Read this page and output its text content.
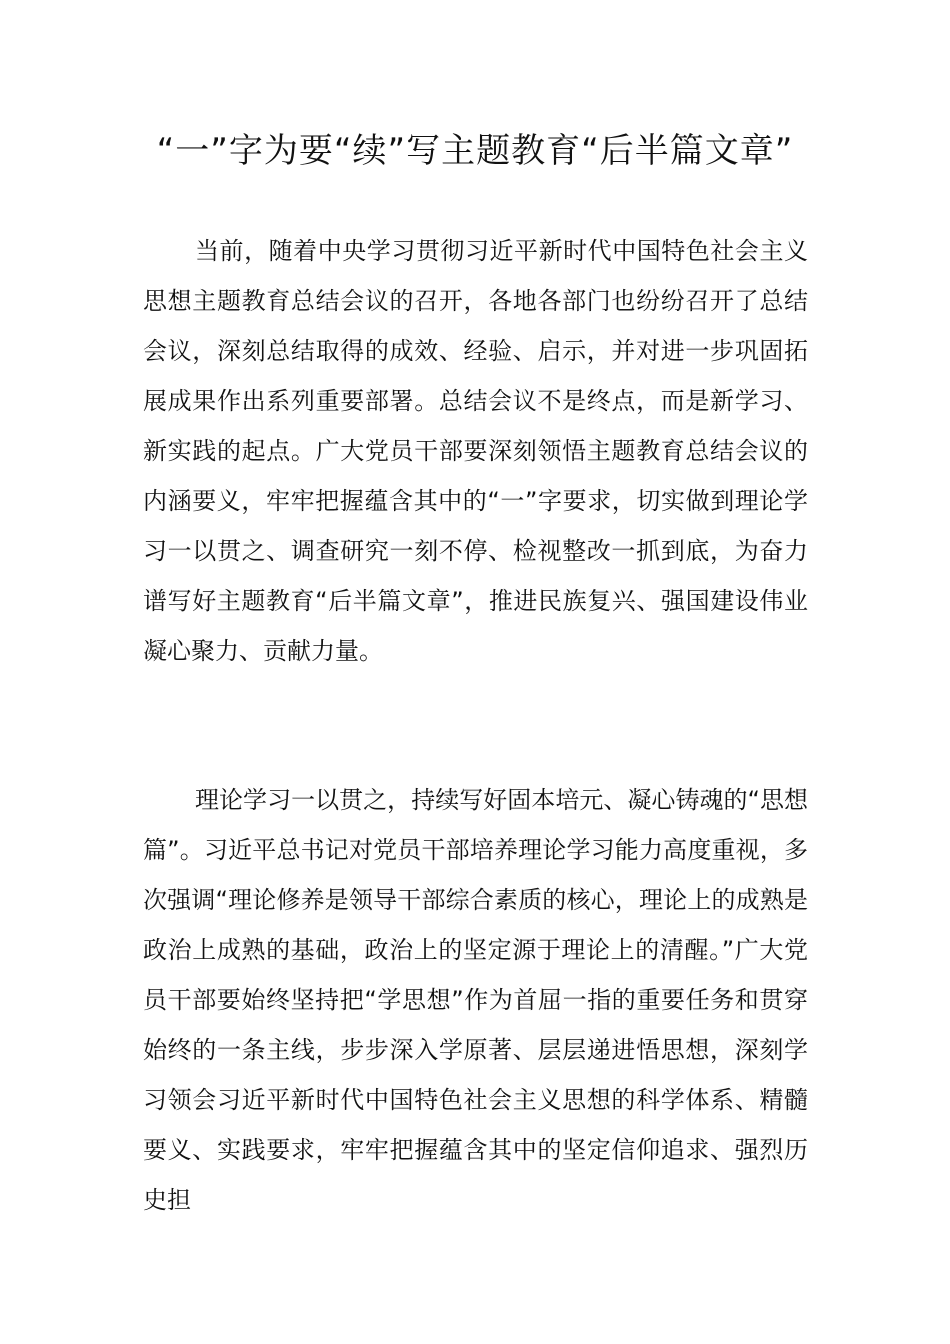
“一”字为要“续”写主题教育“后半篇文章”

当前，随着中央学习贯彻习近平新时代中国特色社会主义思想主题教育总结会议的召开，各地各部门也纷纷召开了总结会议，深刻总结取得的成效、经验、启示，并对进一步巩固拓展成果作出系列重要部署。总结会议不是终点，而是新学习、新实践的起点。广大党员干部要深刻领悟主题教育总结会议的内涵要义，牢牢把握蕴含其中的“一”字要求，切实做到理论学习一以贯之、调查研究一刻不停、检视整改一抓到底，为奋力谱写好主题教育“后半篇文章”，推进民族复兴、强国建设伟业凝心聚力、贡献力量。

理论学习一以贯之，持续写好固本培元、凝心铸魂的“思想篇”。习近平总书记对党员干部培养理论学习能力高度重视，多次强调“理论修养是领导干部综合素质的核心，理论上的成熟是政治上成熟的基础，政治上的坚定源于理论上的清醒。”广大党员干部要始终坚持把“学思想”作为首屈一指的重要任务和贯穿始终的一条主线，步步深入学原著、层层递进悟思想，深刻学习领会习近平新时代中国特色社会主义思想的科学体系、精髓要义、实践要求，牢牢把握蕴含其中的坚定信仰追求、强烈历史担
